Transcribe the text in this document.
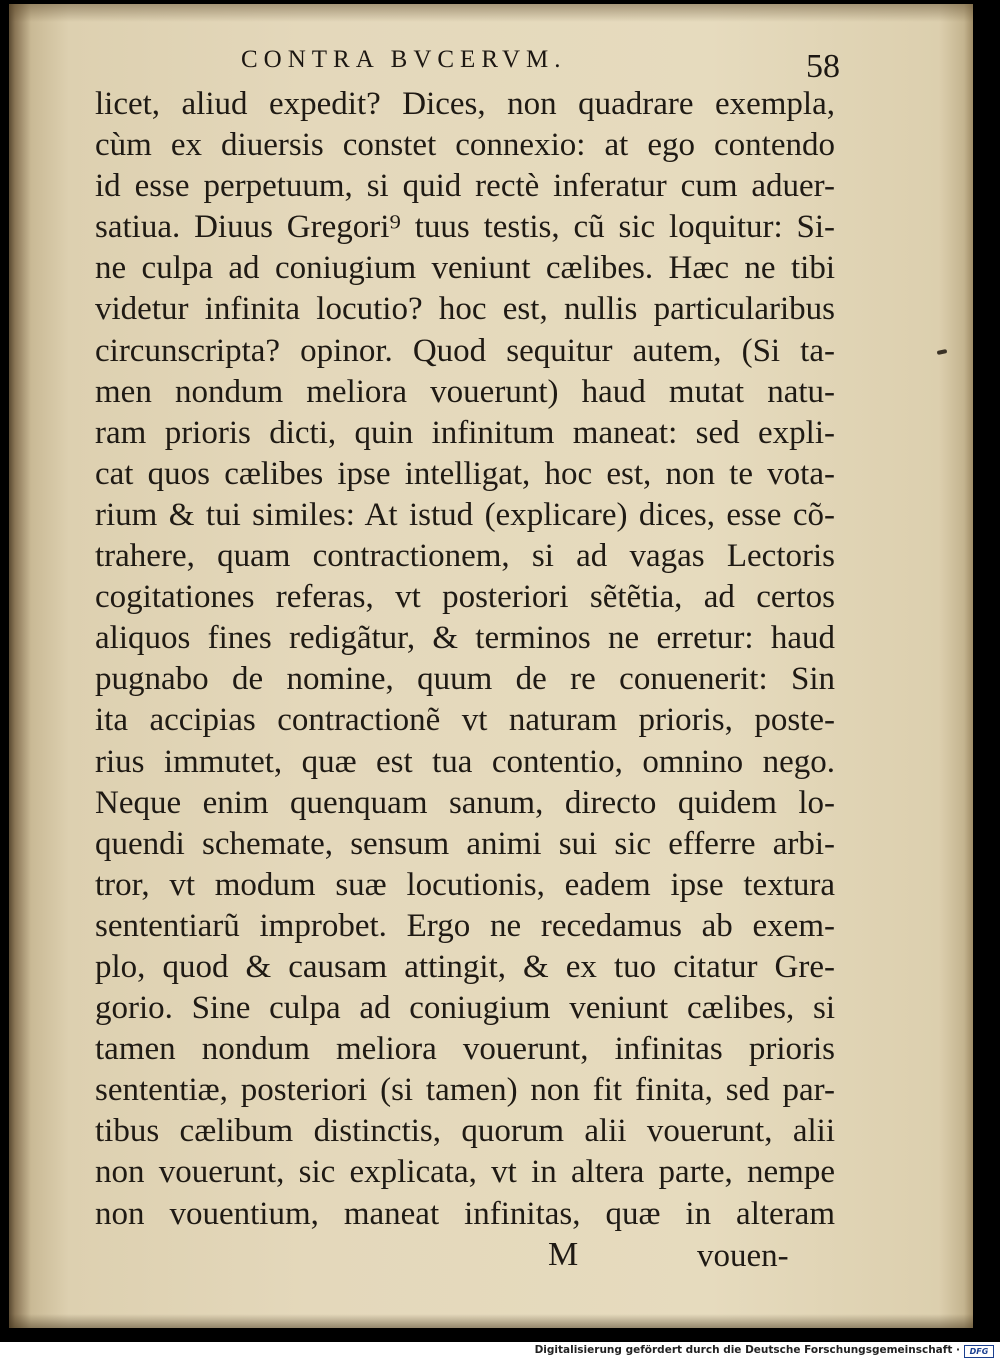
CONTRA BVCERVM.	58
licet, aliud expedit? Dices, non quadrare exempla,
cùm ex diuersis constet connexio: at ego contendo
id esse perpetuum, si quid rectè inferatur cum aduer-
satiua. Diuus Gregori⁹ tuus testis, cũ sic loquitur: Si-
ne culpa ad coniugium veniunt cælibes. Hæc ne tibi
videtur infinita locutio? hoc est, nullis particularibus
circunscripta? opinor. Quod sequitur autem, (Si ta-
men nondum meliora vouerunt) haud mutat natu-
ram prioris dicti, quin infinitum maneat: sed expli-
cat quos cælibes ipse intelligat, hoc est, non te vota-
rium & tui similes: At istud (explicare) dices, esse cõ-
trahere, quam contractionem, si ad vagas Lectoris
cogitationes referas, vt posteriori sẽtẽtia, ad certos
aliquos fines redigãtur, & terminos ne erretur: haud
pugnabo de nomine, quum de re conuenerit: Sin
ita accipias contractionẽ vt naturam prioris, poste-
rius immutet, quæ est tua contentio, omnino nego.
Neque enim quenquam sanum, directo quidem lo-
quendi schemate, sensum animi sui sic efferre arbi-
tror, vt modum suæ locutionis, eadem ipse textura
sententiarũ improbet. Ergo ne recedamus ab exem-
plo, quod & causam attingit, & ex tuo citatur Gre-
gorio. Sine culpa ad coniugium veniunt cælibes, si
tamen nondum meliora vouerunt, infinitas prioris
sententiæ, posteriori (si tamen) non fit finita, sed par-
tibus cælibum distinctis, quorum alii vouerunt, alii
non vouerunt, sic explicata, vt in altera parte, nempe
non vouentium, maneat infinitas, quæ in alteram
M	vouen-
Digitalisierung gefördert durch die Deutsche Forschungsgemeinschaft ·	DFG
